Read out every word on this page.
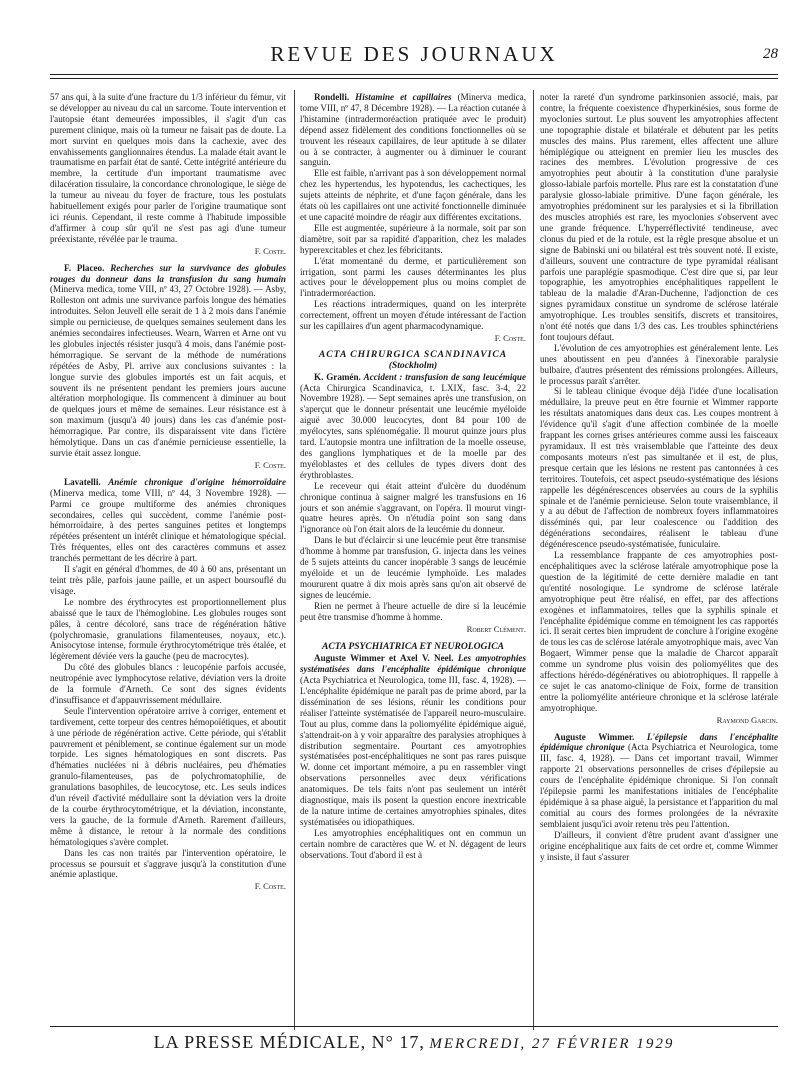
REVUE DES JOURNAUX	28

57 ans qui, à la suite d'une fracture du 1/3 inférieur du fémur, vit se développer au niveau du cal un sarcome. Toute intervention et l'autopsie étant demeurées impossibles, il s'agit d'un cas purement clinique, mais où la tumeur ne faisait pas de doute. La mort survint en quelques mois dans la cachexie, avec des envahissements ganglionnaires étendus. La malade était avant le traumatisme en parfait état de santé. Cette intégrité antérieure du membre, la certitude d'un important traumatisme avec dilacération tissulaire, la concordance chronologique, le siège de la tumeur au niveau du foyer de fracture, tous les postulats habituellement exigés pour parler de l'origine traumatique sont ici réunis. Cependant, il reste comme à l'habitude impossible d'affirmer à coup sûr qu'il ne s'est pas agi d'une tumeur préexistante, révélée par le trauma.

F. Coste.

F. Placeo. Recherches sur la survivance des globules rouges du donneur dans la transfusion du sang humain (Minerva medica, tome VIII, nº 43, 27 Octobre 1928). — Asby, Rolleston ont admis une survivance parfois longue des hématies introduites. Selon Jeuvell elle serait de 1 à 2 mois dans l'anémie simple ou pernicieuse, de quelques semaines seulement dans les anémies secondaires infectieuses. Wearn, Warren et Arne ont vu les globules injectés résister jusqu'à 4 mois, dans l'anémie post-hémorragique. Se servant de la méthode de numérations répétées de Asby, Pl. arrive aux conclusions suivantes : la longue survie des globules importés est un fait acquis, et souvent ils ne présentent pendant les premiers jours aucune altération morphologique. Ils commencent à diminuer au bout de quelques jours et même de semaines. Leur résistance est à son maximum (jusqu'à 40 jours) dans les cas d'anémie post-hémorragique. Par contre, ils disparaissent vite dans l'ictère hémolytique. Dans un cas d'anémie pernicieuse essentielle, la survie était assez longue.

F. Coste.

Lavatelli. Anémie chronique d'origine hémorroïdaire (Minerva medica, tome VIII, nº 44, 3 Novembre 1928). — Parmi ce groupe multiforme des anémies chroniques secondaires, celles qui succèdent, comme l'anémie post-hémorroïdaire, à des pertes sanguines petites et longtemps répétées présentent un intérêt clinique et hématologique spécial. Très fréquentes, elles ont des caractères communs et assez tranchés permettant de les décrire à part.

Il s'agit en général d'hommes, de 40 à 60 ans, présentant un teint très pâle, parfois jaune paille, et un aspect boursouflé du visage.

Le nombre des érythrocytes est proportionnellement plus abaissé que le taux de l'hémoglobine. Les globules rouges sont pâles, à centre décoloré, sans trace de régénération hâtive (polychromasie, granulations filamenteuses, noyaux, etc.). Anisocytose intense, formule érythrocytométrique très étalée, et légèrement déviée vers la gauche (peu de macrocytes).

Du côté des globules blancs : leucopénie parfois accusée, neutropénie avec lymphocytose relative, déviation vers la droite de la formule d'Arneth. Ce sont des signes évidents d'insuffisance et d'appauvrissement médullaire.

Seule l'intervention opératoire arrive à corriger, entement et tardivement, cette torpeur des centres hémopoïétiques, et aboutit à une période de régénération active. Cette période, qui s'établit pauvrement et péniblement, se continue également sur un mode torpide. Les signes hématologiques en sont discrets. Pas d'hématies nucléées ni à débris nucléaires, peu d'hématies granulo-filamenteuses, pas de polychromatophilie, de granulations basophiles, de leucocytose, etc. Les seuls indices d'un réveil d'activité médullaire sont la déviation vers la droite de la courbe érythrocytométrique, et la déviation, inconstante, vers la gauche, de la formule d'Arneth. Rarement d'ailleurs, même à distance, le retour à la normale des conditions hématologiques s'avère complet.

Dans les cas non traités par l'intervention opératoire, le processus se poursuit et s'aggrave jusqu'à la constitution d'une anémie aplastique.

F. Coste.

Rondelli. Histamine et capillaires (Minerva medica, tome VIII, nº 47, 8 Décembre 1928). — La réaction cutanée à l'histamine (intradermoréaction pratiquée avec le produit) dépend assez fidèlement des conditions fonctionnelles où se trouvent les réseaux capillaires, de leur aptitude à se dilater ou à se contracter, à augmenter ou à diminuer le courant sanguin.

Elle est faible, n'arrivant pas à son développement normal chez les hypertendus, les hypotendus, les cachectiques, les sujets atteints de néphrite, et d'une façon générale, dans les états où les capillaires ont une activité fonctionnelle diminuée et une capacité moindre de réagir aux différentes excitations.

Elle est augmentée, supérieure à la normale, soit par son diamètre, soit par sa rapidité d'apparition, chez les malades hyperexcitables et chez les fébricitants.

L'état momentané du derme, et particulièrement son irrigation, sont parmi les causes déterminantes les plus actives pour le développement plus ou moins complet de l'intradermoréaction.

Les réactions intradermiques, quand on les interprète correctement, offrent un moyen d'étude intéressant de l'action sur les capillaires d'un agent pharmacodynamique.

F. Coste.

ACTA CHIRURGICA SCANDINAVICA

(Stockholm)

K. Gramén. Accident : transfusion de sang leucémique (Acta Chirurgica Scandinavica, t. LXIX, fasc. 3-4, 22 Novembre 1928). — Sept semaines après une transfusion, on s'aperçut que le donneur présentait une leucémie myéloïde aiguë avec 30.000 leucocytes, dont 84 pour 100 de myélocytes, sans splénomégalie. Il mourut quinze jours plus tard. L'autopsie montra une infiltration de la moelle osseuse, des ganglions lymphatiques et de la moelle par des myéloblastes et des cellules de types divers dont des érythroblastes.

Le receveur qui était atteint d'ulcère du duodénum chronique continua à saigner malgré les transfusions en 16 jours et son anémie s'aggravant, on l'opéra. Il mourut vingt-quatre heures après. On n'étudia point son sang dans l'ignorance où l'on était alors de la leucémie du donneur.

Dans le but d'éclaircir si une leucémie peut être transmise d'homme à homme par transfusion, G. injecta dans les veines de 5 sujets atteints du cancer inopérable 3 sangs de leucémie myéloïde et un de leucémie lymphoïde. Les malades moururent quatre à dix mois après sans qu'on ait observé de signes de leucémie.

Rien ne permet à l'heure actuelle de dire si la leucémie peut être transmise d'homme à homme.

Robert Clément.

ACTA PSYCHIATRICA ET NEUROLOGICA

Auguste Wimmer et Axel V. Neel. Les amyotrophies systématisées dans l'encéphalite épidémique chronique (Acta Psychiatrica et Neurologica, tome III, fasc. 4, 1928). — L'encéphalite épidémique ne paraît pas de prime abord, par la dissémination de ses lésions, réunir les conditions pour réaliser l'atteinte systématisée de l'appareil neuro-musculaire. Tout au plus, comme dans la poliomyélite épidémique aiguë, s'attendrait-on à y voir apparaître des paralysies atrophiques à distribution segmentaire. Pourtant ces amyotrophies systématisées post-encéphalitiques ne sont pas rares puisque W. donne cet important mémoire, a pu en rassembler vingt observations personnelles avec deux vérifications anatomiques. De tels faits n'ont pas seulement un intérêt diagnostique, mais ils posent la question encore inextricable de la nature intime de certaines amyotrophies spinales, dites systématisées ou idiopathiques.

Les amyotrophies encéphalitiques ont en commun un certain nombre de caractères que W. et N. dégagent de leurs observations. Tout d'abord il est à

noter la rareté d'un syndrome parkinsonien associé, mais, par contre, la fréquente coexistence d'hyperkinésies, sous forme de myoclonies surtout. Le plus souvent les amyotrophies affectent une topographie distale et bilatérale et débutent par les petits muscles des mains. Plus rarement, elles affectent une allure hémiplégique ou atteignent en premier lieu les muscles des racines des membres. L'évolution progressive de ces amyotrophies peut aboutir à la constitution d'une paralysie glosso-labiale parfois mortelle. Plus rare est la constatation d'une paralysie glosso-labiale primitive. D'une façon générale, les amyotrophies prédominent sur les paralysies et si la fibrillation des muscles atrophiés est rare, les myoclonies s'observent avec une grande fréquence. L'hyperréflectivité tendineuse, avec clonus du pied et de la rotule, est la règle presque absolue et un signe de Babinski uni ou bilatéral est très souvent noté. Il existe, d'ailleurs, souvent une contracture de type pyramidal réalisant parfois une paraplégie spasmodique. C'est dire que si, par leur topographie, les amyotrophies encéphalitiques rappellent le tableau de la maladie d'Aran-Duchenne, l'adjonction de ces signes pyramidaux constitue un syndrome de sclérose latérale amyotrophique. Les troubles sensitifs, discrets et transitoires, n'ont été notés que dans 1/3 des cas. Les troubles sphinctériens font toujours défaut.

L'évolution de ces amyotrophies est généralement lente. Les unes aboutissent en peu d'années à l'inexorable paralysie bulbaire, d'autres présentent des rémissions prolongées. Ailleurs, le processus paraît s'arrêter.

Si le tableau clinique évoque déjà l'idée d'une localisation médullaire, la preuve peut en être fournie et Wimmer rapporte les résultats anatomiques dans deux cas. Les coupes montrent à l'évidence qu'il s'agit d'une affection combinée de la moelle frappant les cornes grises antérieures comme aussi les faisceaux pyramidaux. Il est très vraisemblable que l'atteinte des deux composants moteurs n'est pas simultanée et il est, de plus, presque certain que les lésions ne restent pas cantonnées à ces territoires. Toutefois, cet aspect pseudo-systématique des lésions rappelle les dégénérescences observées au cours de la syphilis spinale et de l'anémie pernicieuse. Selon toute vraisemblance, il y a au début de l'affection de nombreux foyers inflammatoires disséminés qui, par leur coalescence ou l'addition des dégénérations secondaires, réalisent le tableau d'une dégénérescence pseudo-systématisée, funiculaire.

La ressemblance frappante de ces amyotrophies post-encéphalitiques avec la sclérose latérale amyotrophique pose la question de la légitimité de cette dernière maladie en tant qu'entité nosologique. Le syndrome de sclérose latérale amyotrophique peut être réalisé, en effet, par des affections exogènes et inflammatoires, telles que la syphilis spinale et l'encéphalite épidémique comme en témoignent les cas rapportés ici. Il serait certes bien imprudent de conclure à l'origine exogène de tous les cas de sclérose latérale amyotrophique mais, avec Van Bogaert, Wimmer pense que la maladie de Charcot apparaît comme un syndrome plus voisin des poliomyélites que des affections hérédo-dégénératives ou abiotrophiques. Il rappelle à ce sujet le cas anatomo-clinique de Foix, forme de transition entre la poliomyélite antérieure chronique et la sclérose latérale amyotrophique.

Raymond Garcin.

Auguste Wimmer. L'épilepsie dans l'encéphalite épidémique chronique (Acta Psychiatrica et Neurologica, tome III, fasc. 4, 1928). — Dans cet important travail, Wimmer rapporte 21 observations personnelles de crises d'épilepsie au cours de l'encéphalite épidémique chronique. Si l'on connaît l'épilepsie parmi les manifestations initiales de l'encéphalite épidémique à sa phase aiguë, la persistance et l'apparition du mal comitial au cours des formes prolongées de la névraxite semblaient jusqu'ici avoir retenu très peu l'attention.

D'ailleurs, il convient d'être prudent avant d'assigner une origine encéphalitique aux faits de cet ordre et, comme Wimmer y insiste, il faut s'assurer

LA PRESSE MÉDICALE, N° 17, MERCREDI, 27 FÉVRIER 1929
